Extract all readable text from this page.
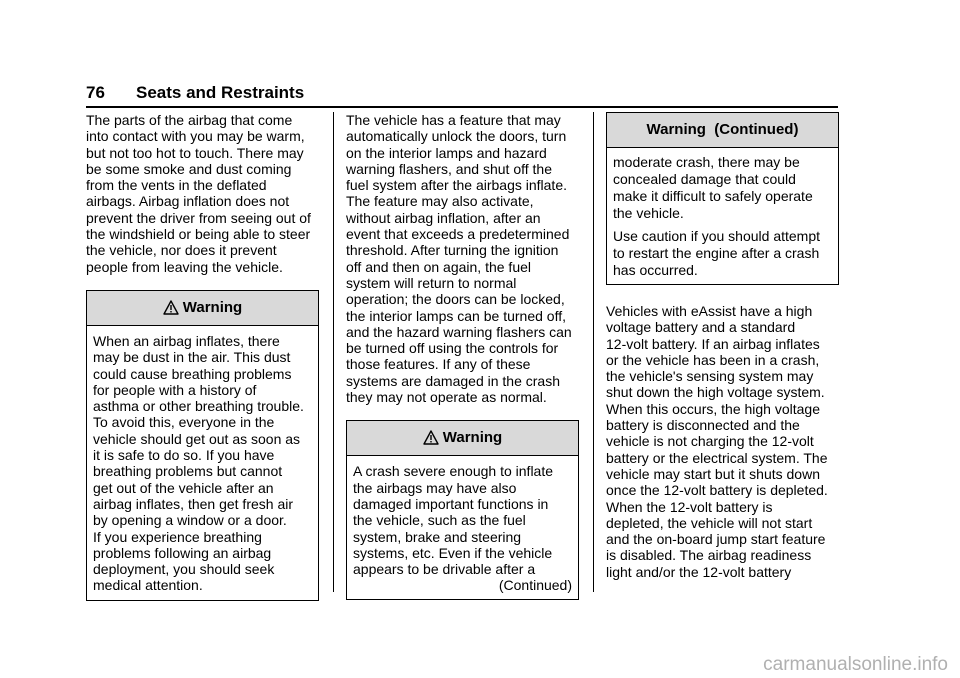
76 Seats and Restraints

The parts of the airbag that come

into contact with you may be warm,

but not too hot to touch. There may

be some smoke and dust coming

from the vents in the deflated

airbags. Airbag inflation does not

prevent the driver from seeing out of

the windshield or being able to steer

the vehicle, nor does it prevent

people from leaving the vehicle.

Warning

When an airbag inflates, there

may be dust in the air. This dust

could cause breathing problems

for people with a history of

asthma or other breathing trouble.

To avoid this, everyone in the

vehicle should get out as soon as

it is safe to do so. If you have

breathing problems but cannot

get out of the vehicle after an

airbag inflates, then get fresh air

by opening a window or a door.

If you experience breathing

problems following an airbag

deployment, you should seek

medical attention.

The vehicle has a feature that may

automatically unlock the doors, turn

on the interior lamps and hazard

warning flashers, and shut off the

fuel system after the airbags inflate.

The feature may also activate,

without airbag inflation, after an

event that exceeds a predetermined

threshold. After turning the ignition

off and then on again, the fuel

system will return to normal

operation; the doors can be locked,

the interior lamps can be turned off,

and the hazard warning flashers can

be turned off using the controls for

those features. If any of these

systems are damaged in the crash

they may not operate as normal.

Warning

A crash severe enough to inflate

the airbags may have also

damaged important functions in

the vehicle, such as the fuel

system, brake and steering

systems, etc. Even if the vehicle

appears to be drivable after a

(Continued)

Warning  (Continued)

moderate crash, there may be

concealed damage that could

make it difficult to safely operate

the vehicle.

Use caution if you should attempt

to restart the engine after a crash

has occurred.

Vehicles with eAssist have a high

voltage battery and a standard

12-volt battery. If an airbag inflates

or the vehicle has been in a crash,

the vehicle's sensing system may

shut down the high voltage system.

When this occurs, the high voltage

battery is disconnected and the

vehicle is not charging the 12-volt

battery or the electrical system. The

vehicle may start but it shuts down

once the 12-volt battery is depleted.

When the 12-volt battery is

depleted, the vehicle will not start

and the on-board jump start feature

is disabled. The airbag readiness

light and/or the 12-volt battery

carmanualsonline.info
